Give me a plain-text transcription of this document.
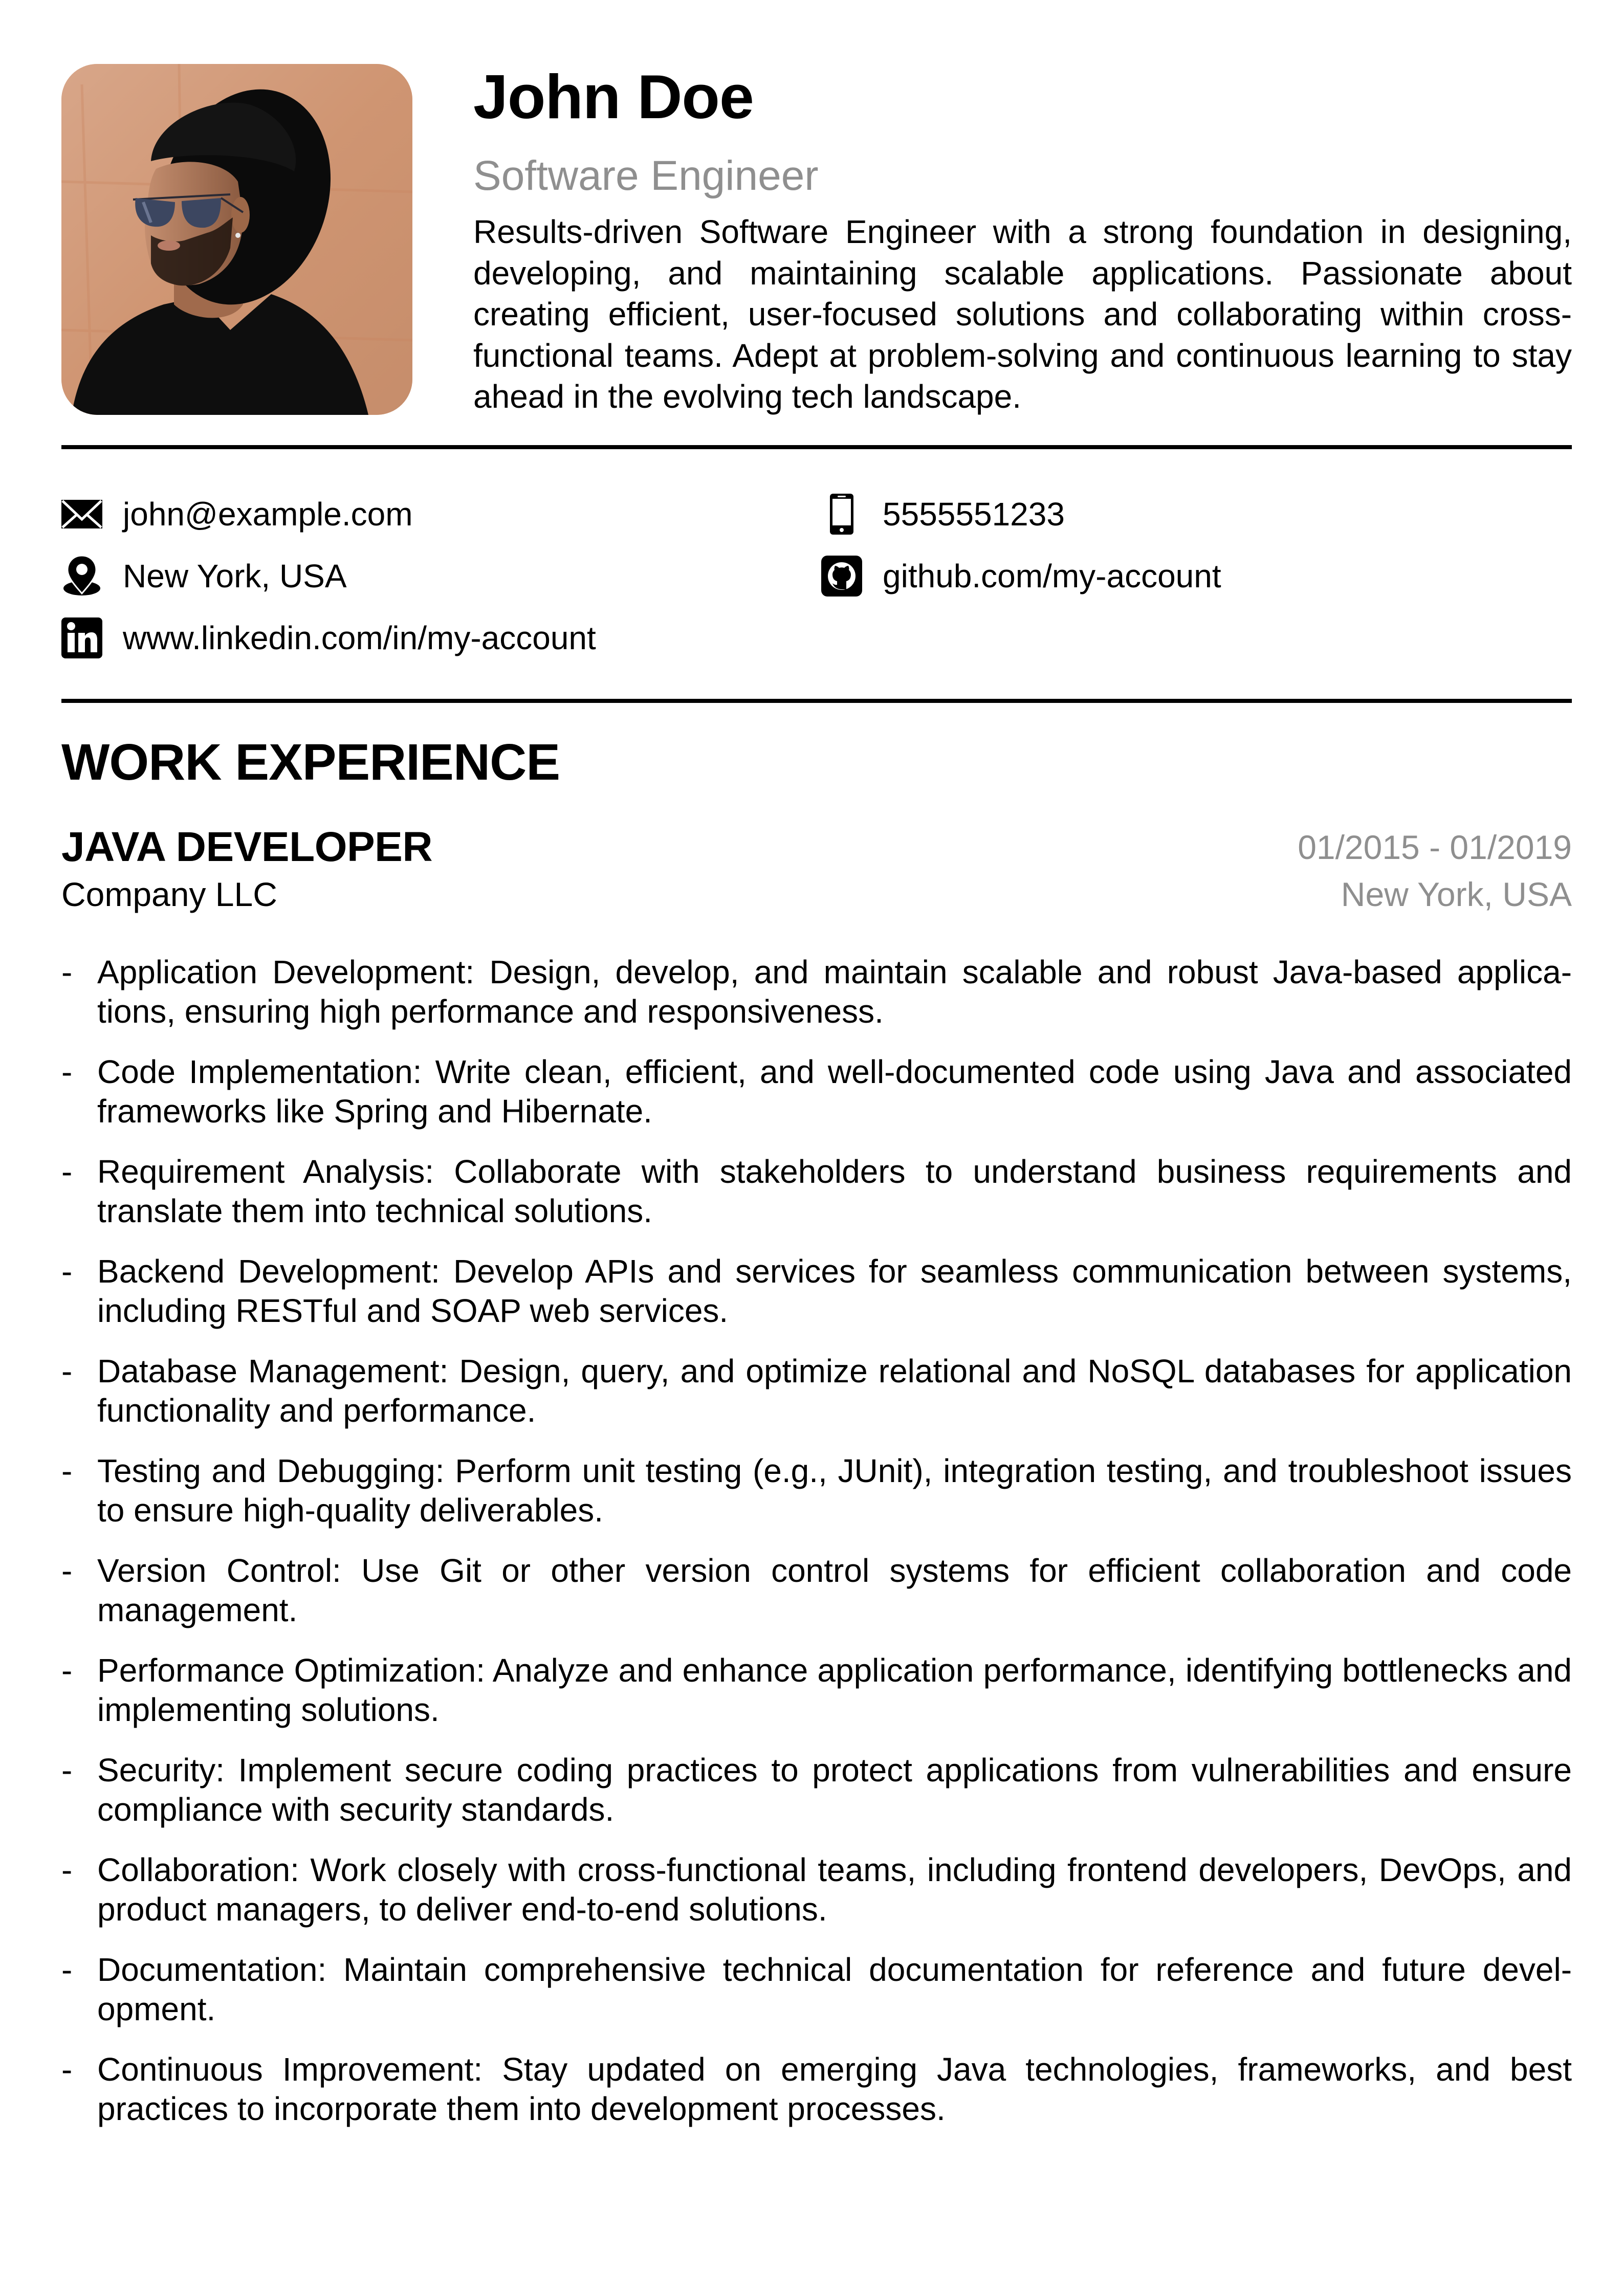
John Doe
Software Engineer

Results-driven Software Engineer with a strong foundation in designing, developing, and maintaining scalable applications. Passionate about creating efficient, user-focused solutions and collaborating within cross-functional teams. Adept at problem-solving and continuous learning to stay ahead in the evolving tech landscape.

john@example.com	5555551233
New York, USA	github.com/my-account
www.linkedin.com/in/my-account
WORK EXPERIENCE
JAVA DEVELOPER	01/2015 - 01/2019
Company LLC	New York, USA
- Application Development: Design, develop, and maintain scalable and robust Java-based applications, ensuring high performance and responsiveness.
- Code Implementation: Write clean, efficient, and well-documented code using Java and associated frameworks like Spring and Hibernate.
- Requirement Analysis: Collaborate with stakeholders to understand business requirements and translate them into technical solutions.
- Backend Development: Develop APIs and services for seamless communication between systems, including RESTful and SOAP web services.
- Database Management: Design, query, and optimize relational and NoSQL databases for application functionality and performance.
- Testing and Debugging: Perform unit testing (e.g., JUnit), integration testing, and troubleshoot issues to ensure high-quality deliverables.
- Version Control: Use Git or other version control systems for efficient collaboration and code management.
- Performance Optimization: Analyze and enhance application performance, identifying bottlenecks and implementing solutions.
- Security: Implement secure coding practices to protect applications from vulnerabilities and ensure compliance with security standards.
- Collaboration: Work closely with cross-functional teams, including frontend developers, DevOps, and product managers, to deliver end-to-end solutions.
- Documentation: Maintain comprehensive technical documentation for reference and future development.
- Continuous Improvement: Stay updated on emerging Java technologies, frameworks, and best practices to incorporate them into development processes.
